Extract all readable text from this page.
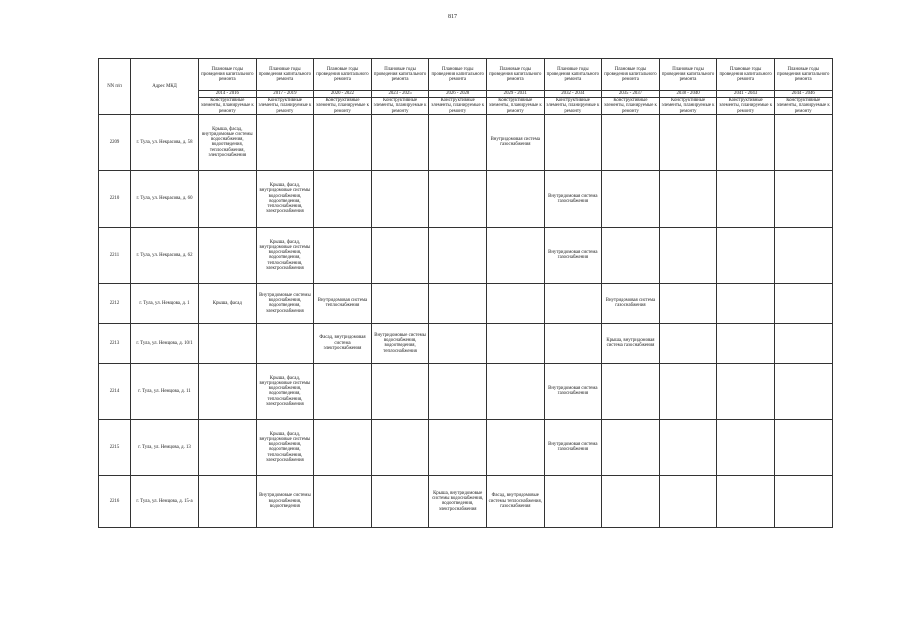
817
NN п/п	Адрес МКД	Плановые годы проведения капитального ремонта	Плановые годы проведения капитального ремонта	Плановые годы проведения капитального ремонта	Плановые годы проведения капитального ремонта	Плановые годы проведения капитального ремонта	Плановые годы проведения капитального ремонта	Плановые годы проведения капитального ремонта	Плановые годы проведения капитального ремонта	Плановые годы проведения капитального ремонта	Плановые годы проведения капитального ремонта	Плановые годы проведения капитального ремонта
		2014 - 2016	2017 - 2019	2020 - 2022	2023 - 2025	2026 - 2028	2029 - 2031	2032 - 2034	2035 - 2037	2038 - 2040	2041 - 2043	2044 - 2046
		Конструктивные элементы, планируемые к ремонту	Конструктивные элементы, планируемые к ремонту	Конструктивные элементы, планируемые к ремонту	Конструктивные элементы, планируемые к ремонту	Конструктивные элементы, планируемые к ремонту	Конструктивные элементы, планируемые к ремонту	Конструктивные элементы, планируемые к ремонту	Конструктивные элементы, планируемые к ремонту	Конструктивные элементы, планируемые к ремонту	Конструктивные элементы, планируемые к ремонту	Конструктивные элементы, планируемые к ремонту
2209	г. Тула, ул. Некрасова, д. 58	Крыша, фасад, внутридомовые системы водоснабжения, водоотведения, теплоснабжения, электроснабжения					Внутридомовая система газоснабжения					
2210	г. Тула, ул. Некрасова, д. 60		Крыша, фасад, внутридомовые системы водоснабжения, водоотведения, теплоснабжения, электроснабжения					Внутридомовая система газоснабжения				
2211	г. Тула, ул. Некрасова, д. 62		Крыша, фасад, внутридомовые системы водоснабжения, водоотведения, теплоснабжения, электроснабжения					Внутридомовая система газоснабжения				
2212	г. Тула, ул. Немцова, д. 1	Крыша, фасад	Внутридомовые системы водоснабжения, водоотведения, электроснабжения	Внутридомовая система теплоснабжения					Внутридомовая система газоснабжения			
2213	г. Тула, ул. Немцова, д. 10/1			Фасад, внутридомовая система электроснабжения	Внутридомовые системы водоснабжения, водоотведения, теплоснабжения				Крыша, внутридомовая система газоснабжения			
2214	г. Тула, ул. Немцова, д. 11		Крыша, фасад, внутридомовые системы водоснабжения, водоотведения, теплоснабжения, электроснабжения					Внутридомовая система газоснабжения				
2215	г. Тула, ул. Немцова, д. 13		Крыша, фасад, внутридомовые системы водоснабжения, водоотведения, теплоснабжения, электроснабжения					Внутридомовая система газоснабжения				
2216	г. Тула, ул. Немцова, д. 15-а		Внутридомовые системы водоснабжения, водоотведения			Крыша, внутридомовые системы водоснабжения, водоотведения, электроснабжения	Фасад, внутридомовые системы теплоснабжения, газоснабжения					
